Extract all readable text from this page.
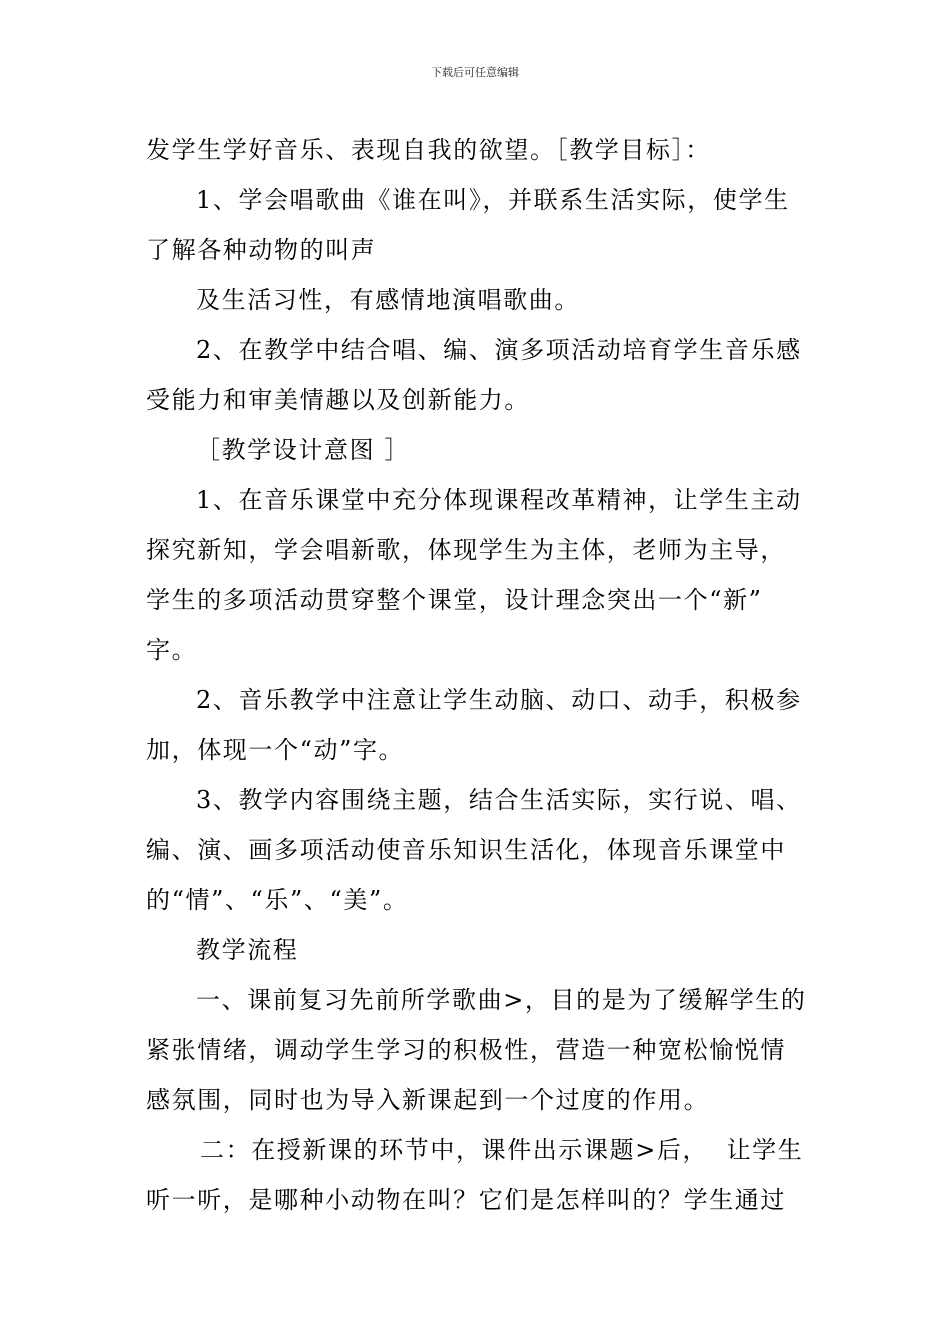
下载后可任意编辑
发学生学好音乐、表现自我的欲望。［教学目标］：
1、学会唱歌曲《谁在叫》，并联系生活实际，使学生
了解各种动物的叫声
及生活习性，有感情地演唱歌曲。
2、在教学中结合唱、编、演多项活动培育学生音乐感
受能力和审美情趣以及创新能力。
［教学设计意图 ］
1、在音乐课堂中充分体现课程改革精神，让学生主动
探究新知，学会唱新歌，体现学生为主体，老师为主导，
学生的多项活动贯穿整个课堂，设计理念突出一个“新”
字。
2、音乐教学中注意让学生动脑、动口、动手，积极参
加，体现一个“动”字。
3、教学内容围绕主题，结合生活实际，实行说、唱、
编、演、画多项活动使音乐知识生活化，体现音乐课堂中
的“情”、“乐”、“美”。
教学流程
一、课前复习先前所学歌曲>，目的是为了缓解学生的
紧张情绪，调动学生学习的积极性，营造一种宽松愉悦情
感氛围，同时也为导入新课起到一个过度的作用。
二：在授新课的环节中，课件出示课题>后，  让学生
听一听，是哪种小动物在叫？它们是怎样叫的？学生通过
